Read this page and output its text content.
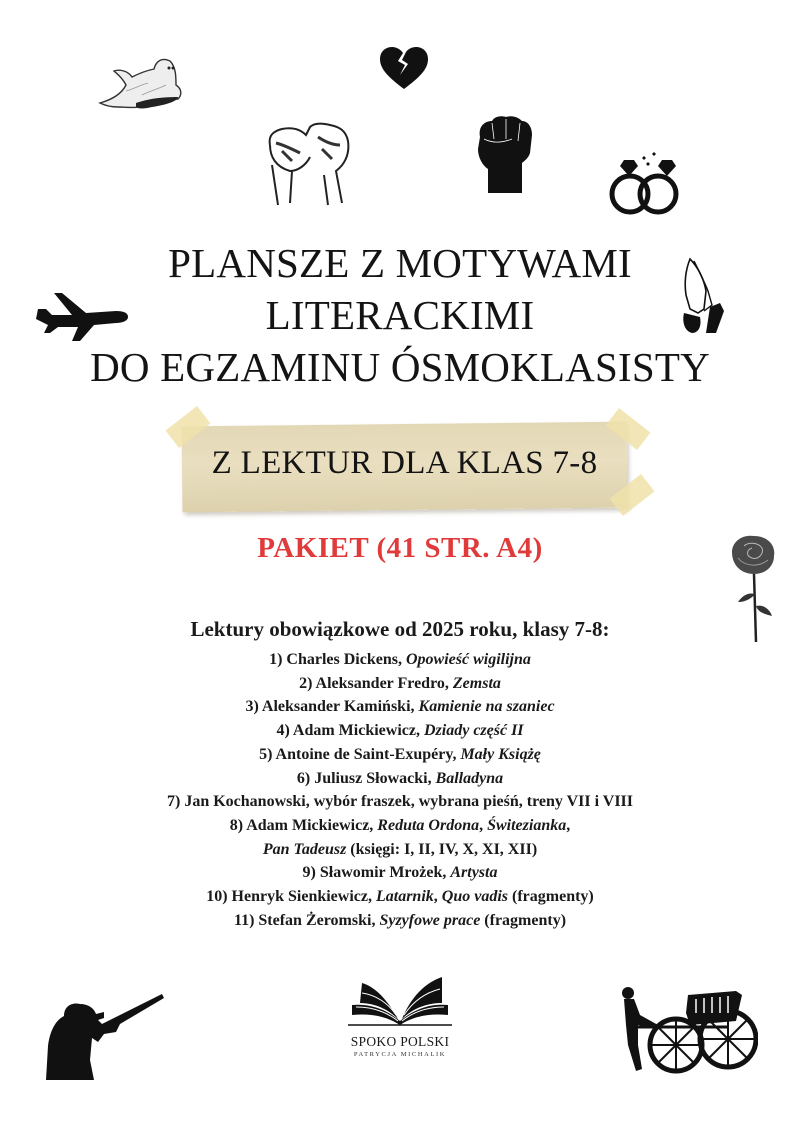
PLANSZE Z MOTYWAMI
LITERACKIMI
DO EGZAMINU ÓSMOKLASISTY
Z LEKTUR DLA KLAS 7-8
PAKIET (41 STR. A4)
Lektury obowiązkowe od 2025 roku, klasy 7-8:
1) Charles Dickens, Opowieść wigilijna
2) Aleksander Fredro, Zemsta
3) Aleksander Kamiński, Kamienie na szaniec
4) Adam Mickiewicz, Dziady część II
5) Antoine de Saint-Exupéry, Mały Książę
6) Juliusz Słowacki, Balladyna
7) Jan Kochanowski, wybór fraszek, wybrana pieśń, treny VII i VIII
8) Adam Mickiewicz, Reduta Ordona, Świtezianka,
Pan Tadeusz (księgi: I, II, IV, X, XI, XII)
9) Sławomir Mrożek, Artysta
10) Henryk Sienkiewicz, Latarnik, Quo vadis (fragmenty)
11) Stefan Żeromski, Syzyfowe prace (fragmenty)
SPOKO POLSKI
PATRYCJA MICHALIK
